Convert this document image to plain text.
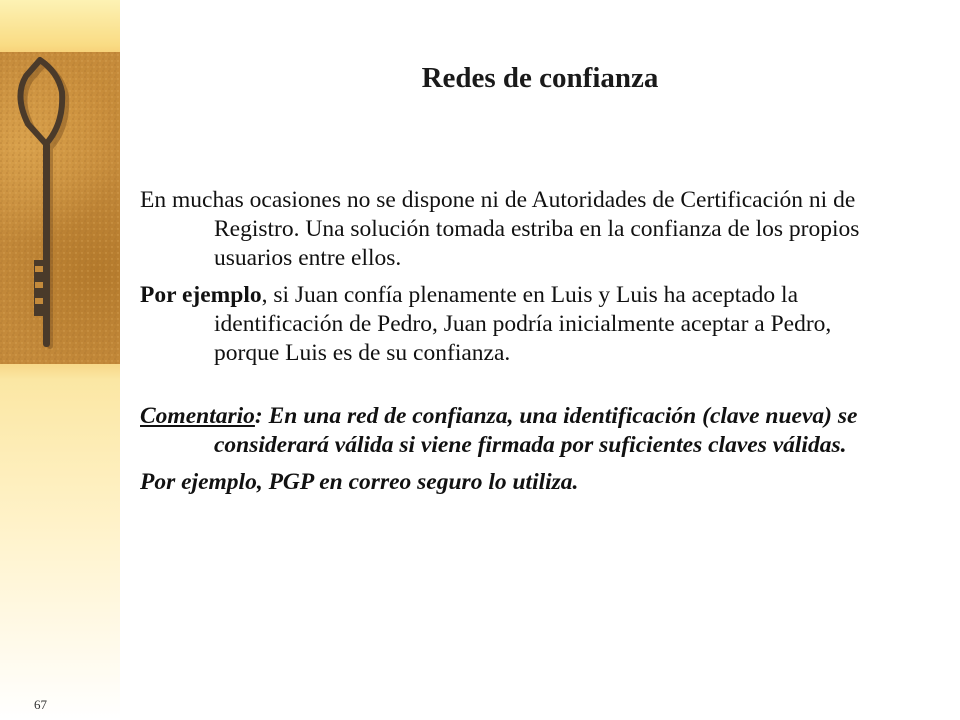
67
Redes de confianza

En muchas ocasiones no se dispone ni de Autoridades de Certificación ni de Registro. Una solución tomada estriba en la confianza de los propios usuarios entre ellos.

Por ejemplo, si Juan confía plenamente en Luis y Luis ha aceptado la identificación de Pedro, Juan podría inicialmente aceptar a Pedro, porque Luis es de su confianza.

Comentario: En una red de confianza, una identificación (clave nueva) se considerará válida si viene firmada por suficientes claves válidas.

Por ejemplo, PGP en correo seguro lo utiliza.
